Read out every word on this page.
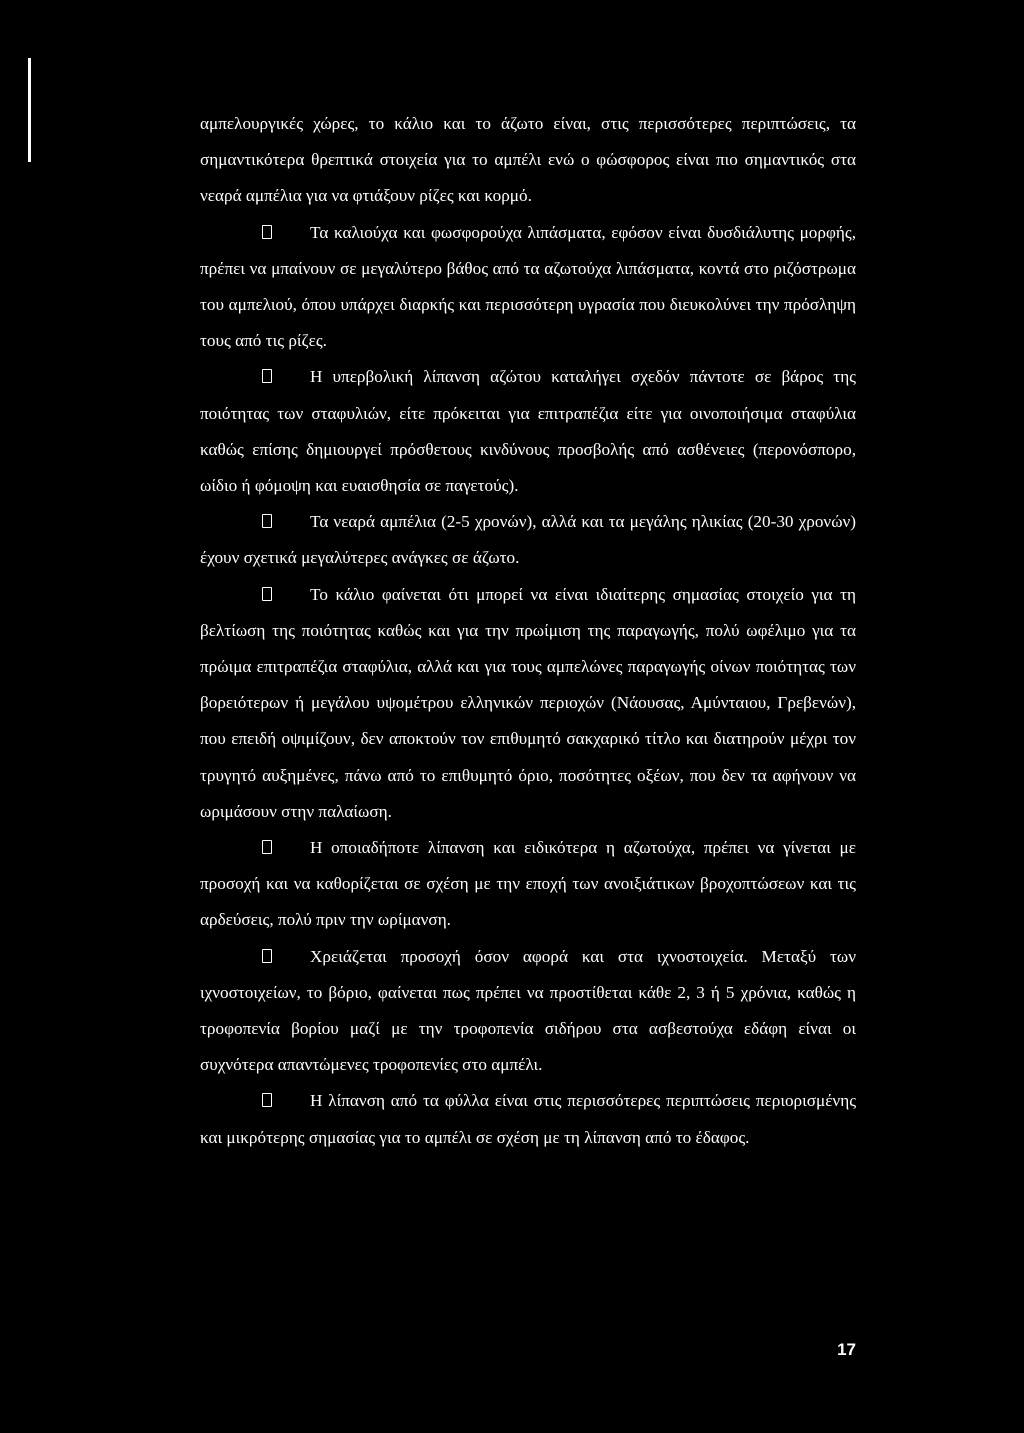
αμπελουργικές χώρες, το κάλιο και το άζωτο είναι, στις περισσότερες περιπτώσεις, τα σημαντικότερα θρεπτικά στοιχεία για το αμπέλι ενώ ο φώσφορος είναι πιο σημαντικός στα νεαρά αμπέλια για να φτιάξουν ρίζες και κορμό.

Τα καλιούχα και φωσφορούχα λιπάσματα, εφόσον είναι δυσδιάλυτης μορφής, πρέπει να μπαίνουν σε μεγαλύτερο βάθος από τα αζωτούχα λιπάσματα, κοντά στο ριζόστρωμα του αμπελιού, όπου υπάρχει διαρκής και περισσότερη υγρασία που διευκολύνει την πρόσληψη τους από τις ρίζες.

Η υπερβολική λίπανση αζώτου καταλήγει σχεδόν πάντοτε σε βάρος της ποιότητας των σταφυλιών, είτε πρόκειται για επιτραπέζια είτε για οινοποιήσιμα σταφύλια καθώς επίσης δημιουργεί πρόσθετους κινδύνους προσβολής από ασθένειες (περονόσπορο, ωίδιο ή φόμοψη και ευαισθησία σε παγετούς).

Τα νεαρά αμπέλια (2-5 χρονών), αλλά και τα μεγάλης ηλικίας (20-30 χρονών) έχουν σχετικά μεγαλύτερες ανάγκες σε άζωτο.

Το κάλιο φαίνεται ότι μπορεί να είναι ιδιαίτερης σημασίας στοιχείο για τη βελτίωση της ποιότητας καθώς και για την πρωίμιση της παραγωγής, πολύ ωφέλιμο για τα πρώιμα επιτραπέζια σταφύλια, αλλά και για τους αμπελώνες παραγωγής οίνων ποιότητας των βορειότερων ή μεγάλου υψομέτρου ελληνικών περιοχών (Νάουσας, Αμύνταιου, Γρεβενών), που επειδή οψιμίζουν, δεν αποκτούν τον επιθυμητό σακχαρικό τίτλο και διατηρούν μέχρι τον τρυγητό αυξημένες, πάνω από το επιθυμητό όριο, ποσότητες οξέων, που δεν τα αφήνουν να ωριμάσουν στην παλαίωση.

Η οποιαδήποτε λίπανση και ειδικότερα η αζωτούχα, πρέπει να γίνεται με προσοχή και να καθορίζεται σε σχέση με την εποχή των ανοιξιάτικων βροχοπτώσεων και τις αρδεύσεις, πολύ πριν την ωρίμανση.

Χρειάζεται προσοχή όσον αφορά και στα ιχνοστοιχεία. Μεταξύ των ιχνοστοιχείων, το βόριο, φαίνεται πως πρέπει να προστίθεται κάθε 2, 3 ή 5 χρόνια, καθώς η τροφοπενία βορίου μαζί με την τροφοπενία σιδήρου στα ασβεστούχα εδάφη είναι οι συχνότερα απαντώμενες τροφοπενίες στο αμπέλι.

Η λίπανση από τα φύλλα είναι στις περισσότερες περιπτώσεις περιορισμένης και μικρότερης σημασίας για το αμπέλι σε σχέση με τη λίπανση από το έδαφος.

17
